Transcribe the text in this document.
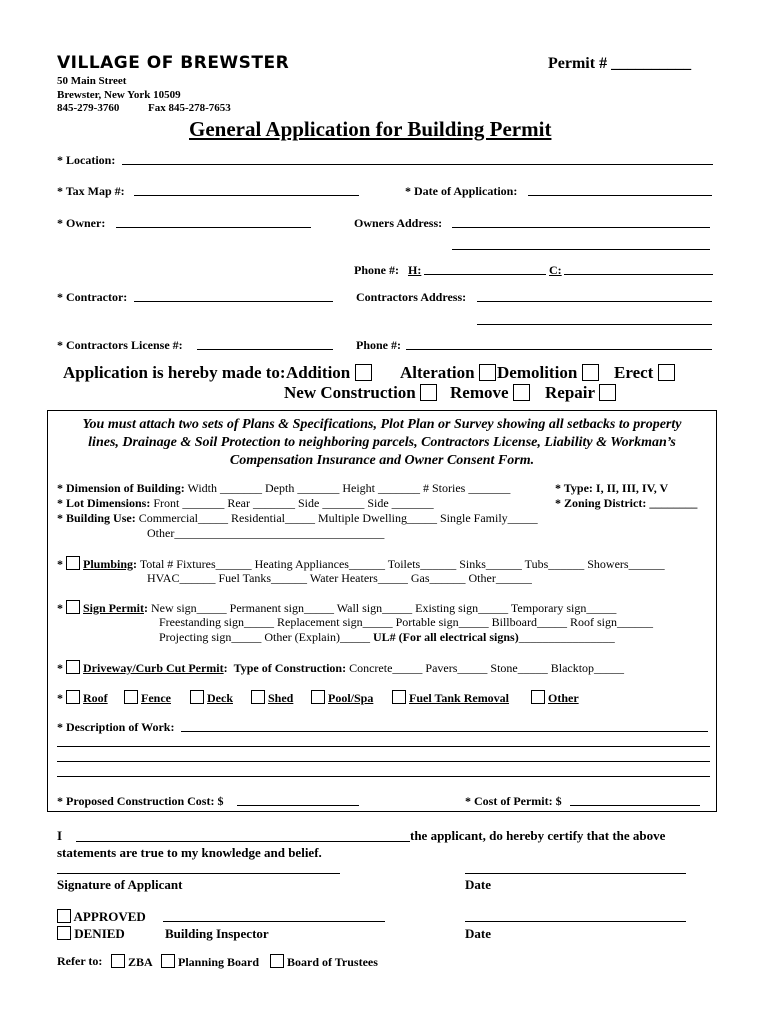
VILLAGE OF BREWSTER	Permit # __________
50 Main Street
Brewster, New York 10509
845-279-3760	Fax 845-278-7653
General Application for Building Permit
* Location:
* Tax Map #:	* Date of Application:
* Owner:	Owners Address:
Phone #: H:	C:
* Contractor:	Contractors Address:
* Contractors License #:	Phone #:
Application is hereby made to: Addition	Alteration	Demolition	Erect
New Construction	Remove	Repair
You must attach two sets of Plans & Specifications, Plot Plan or Survey showing all setbacks to property
lines, Drainage & Soil Protection to neighboring parcels, Contractors License, Liability & Workman’s
Compensation Insurance and Owner Consent Form.
* Dimension of Building: Width _______ Depth _______ Height _______ # Stories _______	* Type: I, II, III, IV, V
* Lot Dimensions: Front _______ Rear _______ Side _______ Side _______	* Zoning District: ________
* Building Use: Commercial_____ Residential_____ Multiple Dwelling_____ Single Family_____
Other___________________________________
* Plumbing: Total # Fixtures______ Heating Appliances______ Toilets______ Sinks______ Tubs______ Showers______
HVAC______ Fuel Tanks______ Water Heaters_____ Gas______ Other______
* Sign Permit: New sign_____ Permanent sign_____ Wall sign_____ Existing sign_____ Temporary sign_____
Freestanding sign_____ Replacement sign_____ Portable sign_____ Billboard_____ Roof sign______
Projecting sign_____ Other (Explain)_____ UL# (For all electrical signs)________________
* Driveway/Curb Cut Permit: Type of Construction: Concrete_____ Pavers_____ Stone_____ Blacktop_____
* Roof	Fence	Deck	Shed	Pool/Spa	Fuel Tank Removal	Other
* Description of Work:
* Proposed Construction Cost: $	* Cost of Permit: $
I	the applicant, do hereby certify that the above
statements are true to my knowledge and belief.
Signature of Applicant	Date
APPROVED
DENIED	Building Inspector	Date
Refer to:	ZBA	Planning Board	Board of Trustees
